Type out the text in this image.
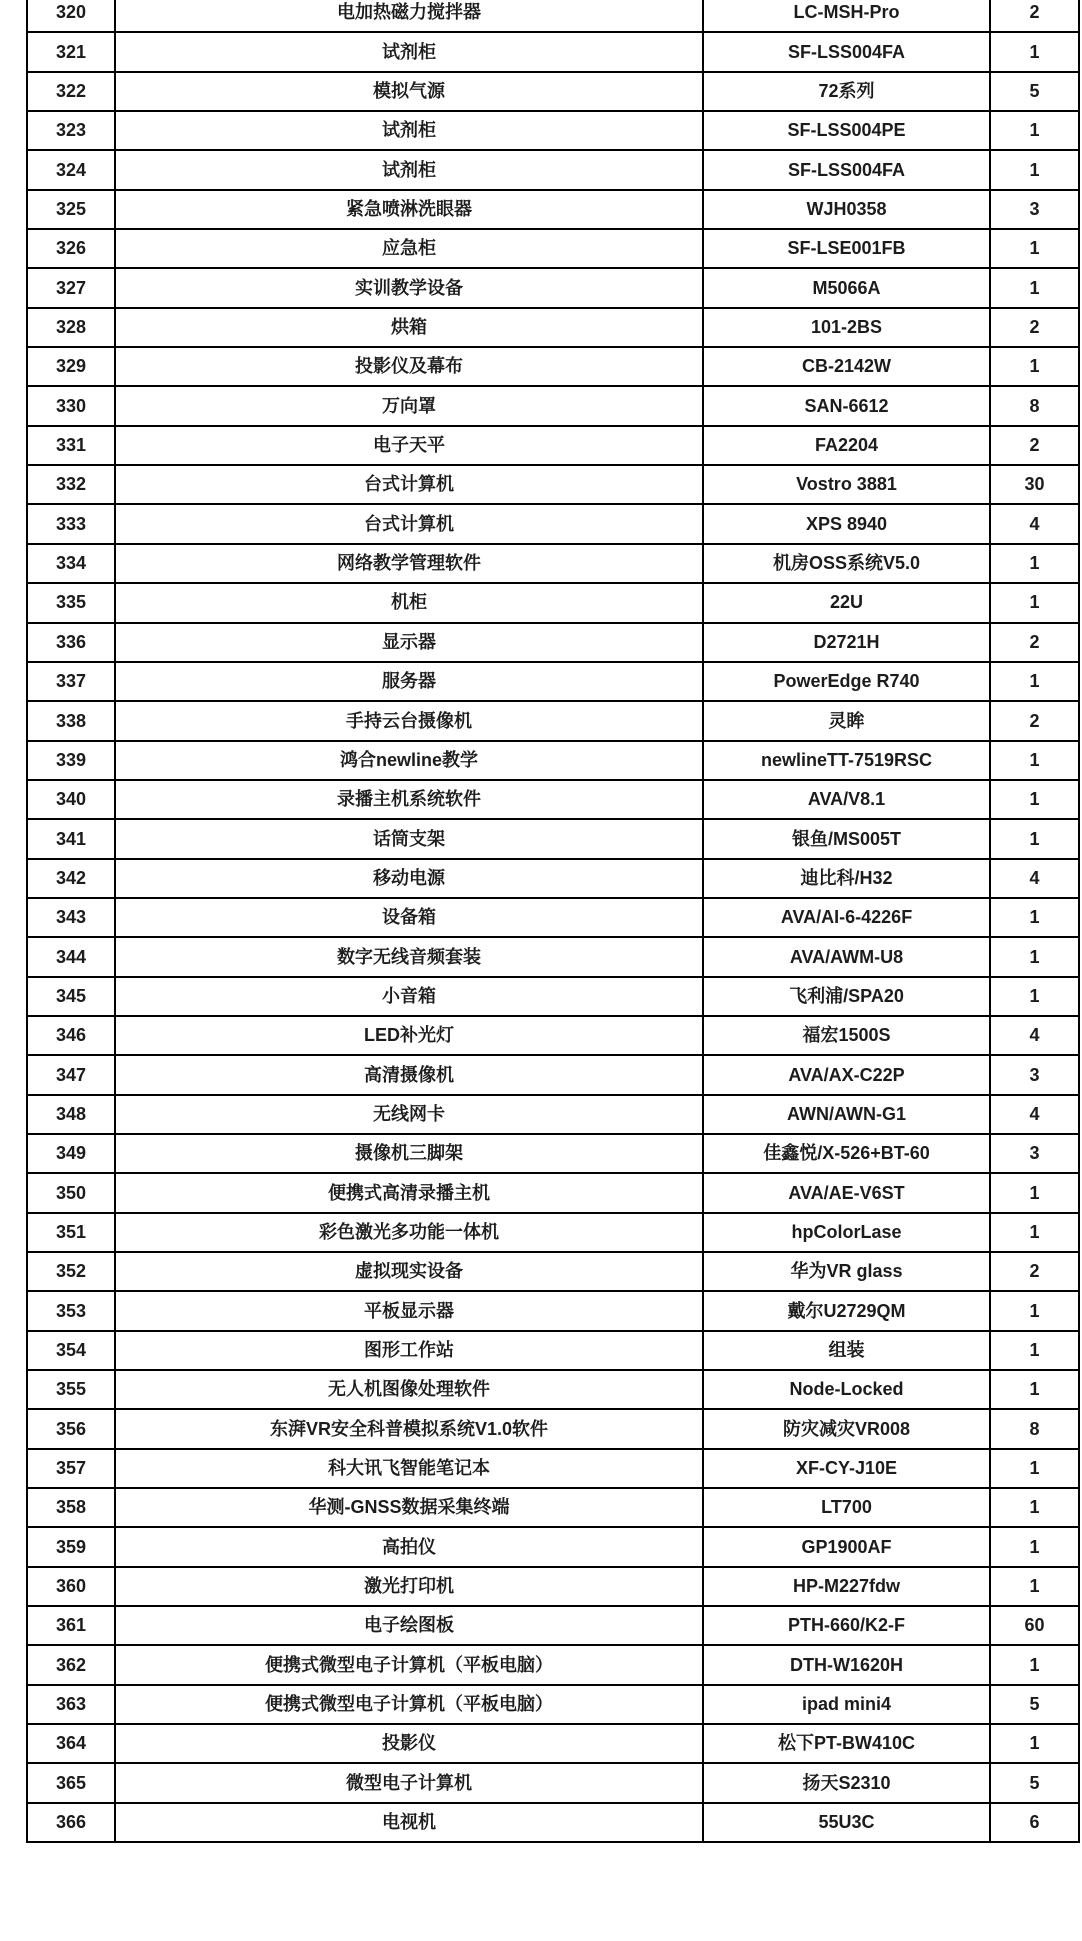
320	电加热磁力搅拌器	LC-MSH-Pro	2
321	试剂柜	SF-LSS004FA	1
322	模拟气源	72系列	5
323	试剂柜	SF-LSS004PE	1
324	试剂柜	SF-LSS004FA	1
325	紧急喷淋洗眼器	WJH0358	3
326	应急柜	SF-LSE001FB	1
327	实训教学设备	M5066A	1
328	烘箱	101-2BS	2
329	投影仪及幕布	CB-2142W	1
330	万向罩	SAN-6612	8
331	电子天平	FA2204	2
332	台式计算机	Vostro 3881	30
333	台式计算机	XPS 8940	4
334	网络教学管理软件	机房OSS系统V5.0	1
335	机柜	22U	1
336	显示器	D2721H	2
337	服务器	PowerEdge R740	1
338	手持云台摄像机	灵眸	2
339	鸿合newline教学	newlineTT-7519RSC	1
340	录播主机系统软件	AVA/V8.1	1
341	话筒支架	银鱼/MS005T	1
342	移动电源	迪比科/H32	4
343	设备箱	AVA/AI-6-4226F	1
344	数字无线音频套装	AVA/AWM-U8	1
345	小音箱	飞利浦/SPA20	1
346	LED补光灯	福宏1500S	4
347	高清摄像机	AVA/AX-C22P	3
348	无线网卡	AWN/AWN-G1	4
349	摄像机三脚架	佳鑫悦/X-526+BT-60	3
350	便携式高清录播主机	AVA/AE-V6ST	1
351	彩色激光多功能一体机	hpColorLase	1
352	虚拟现实设备	华为VR glass	2
353	平板显示器	戴尔U2729QM	1
354	图形工作站	组装	1
355	无人机图像处理软件	Node-Locked	1
356	东湃VR安全科普模拟系统V1.0软件	防灾减灾VR008	8
357	科大讯飞智能笔记本	XF-CY-J10E	1
358	华测-GNSS数据采集终端	LT700	1
359	高拍仪	GP1900AF	1
360	激光打印机	HP-M227fdw	1
361	电子绘图板	PTH-660/K2-F	60
362	便携式微型电子计算机（平板电脑）	DTH-W1620H	1
363	便携式微型电子计算机（平板电脑）	ipad mini4	5
364	投影仪	松下PT-BW410C	1
365	微型电子计算机	扬天S2310	5
366	电视机	55U3C	6
